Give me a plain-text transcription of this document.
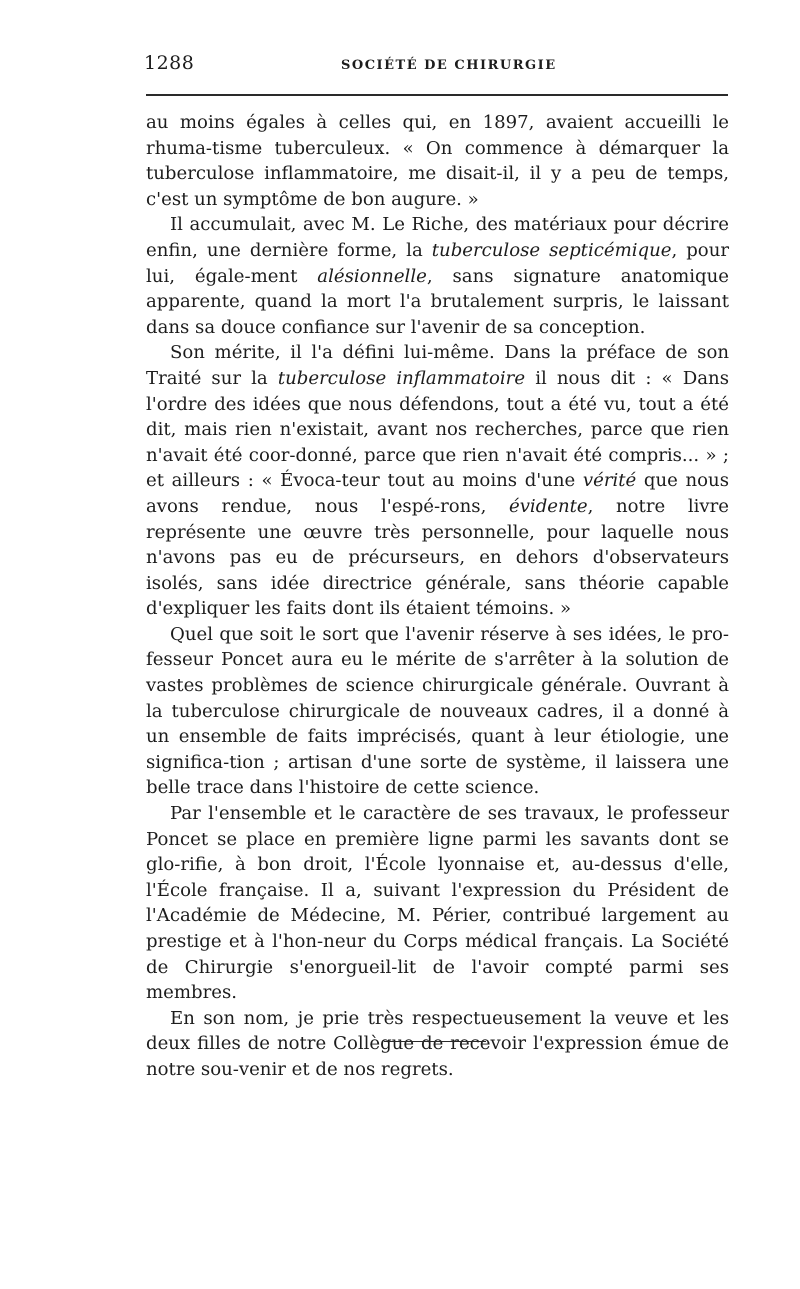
1288	SOCIÉTÉ DE CHIRURGIE

au moins égales à celles qui, en 1897, avaient accueilli le rhuma-tisme tuberculeux. « On commence à démarquer la tuberculose inflammatoire, me disait-il, il y a peu de temps, c'est un symptôme de bon augure. »

Il accumulait, avec M. Le Riche, des matériaux pour décrire enfin, une dernière forme, la tuberculose septicémique, pour lui, égale-ment alésionnelle, sans signature anatomique apparente, quand la mort l'a brutalement surpris, le laissant dans sa douce confiance sur l'avenir de sa conception.

Son mérite, il l'a défini lui-même. Dans la préface de son Traité sur la tuberculose inflammatoire il nous dit : « Dans l'ordre des idées que nous défendons, tout a été vu, tout a été dit, mais rien n'existait, avant nos recherches, parce que rien n'avait été coor-donné, parce que rien n'avait été compris... » ; et ailleurs : « Évoca-teur tout au moins d'une vérité que nous avons rendue, nous l'espé-rons, évidente, notre livre représente une œuvre très personnelle, pour laquelle nous n'avons pas eu de précurseurs, en dehors d'observateurs isolés, sans idée directrice générale, sans théorie capable d'expliquer les faits dont ils étaient témoins. »

Quel que soit le sort que l'avenir réserve à ses idées, le pro-fesseur Poncet aura eu le mérite de s'arrêter à la solution de vastes problèmes de science chirurgicale générale. Ouvrant à la tuberculose chirurgicale de nouveaux cadres, il a donné à un ensemble de faits imprécisés, quant à leur étiologie, une significa-tion ; artisan d'une sorte de système, il laissera une belle trace dans l'histoire de cette science.

Par l'ensemble et le caractère de ses travaux, le professeur Poncet se place en première ligne parmi les savants dont se glo-rifie, à bon droit, l'École lyonnaise et, au-dessus d'elle, l'École française. Il a, suivant l'expression du Président de l'Académie de Médecine, M. Périer, contribué largement au prestige et à l'hon-neur du Corps médical français. La Société de Chirurgie s'enorgueil-lit de l'avoir compté parmi ses membres.

En son nom, je prie très respectueusement la veuve et les deux filles de notre Collègue de recevoir l'expression émue de notre sou-venir et de nos regrets.
